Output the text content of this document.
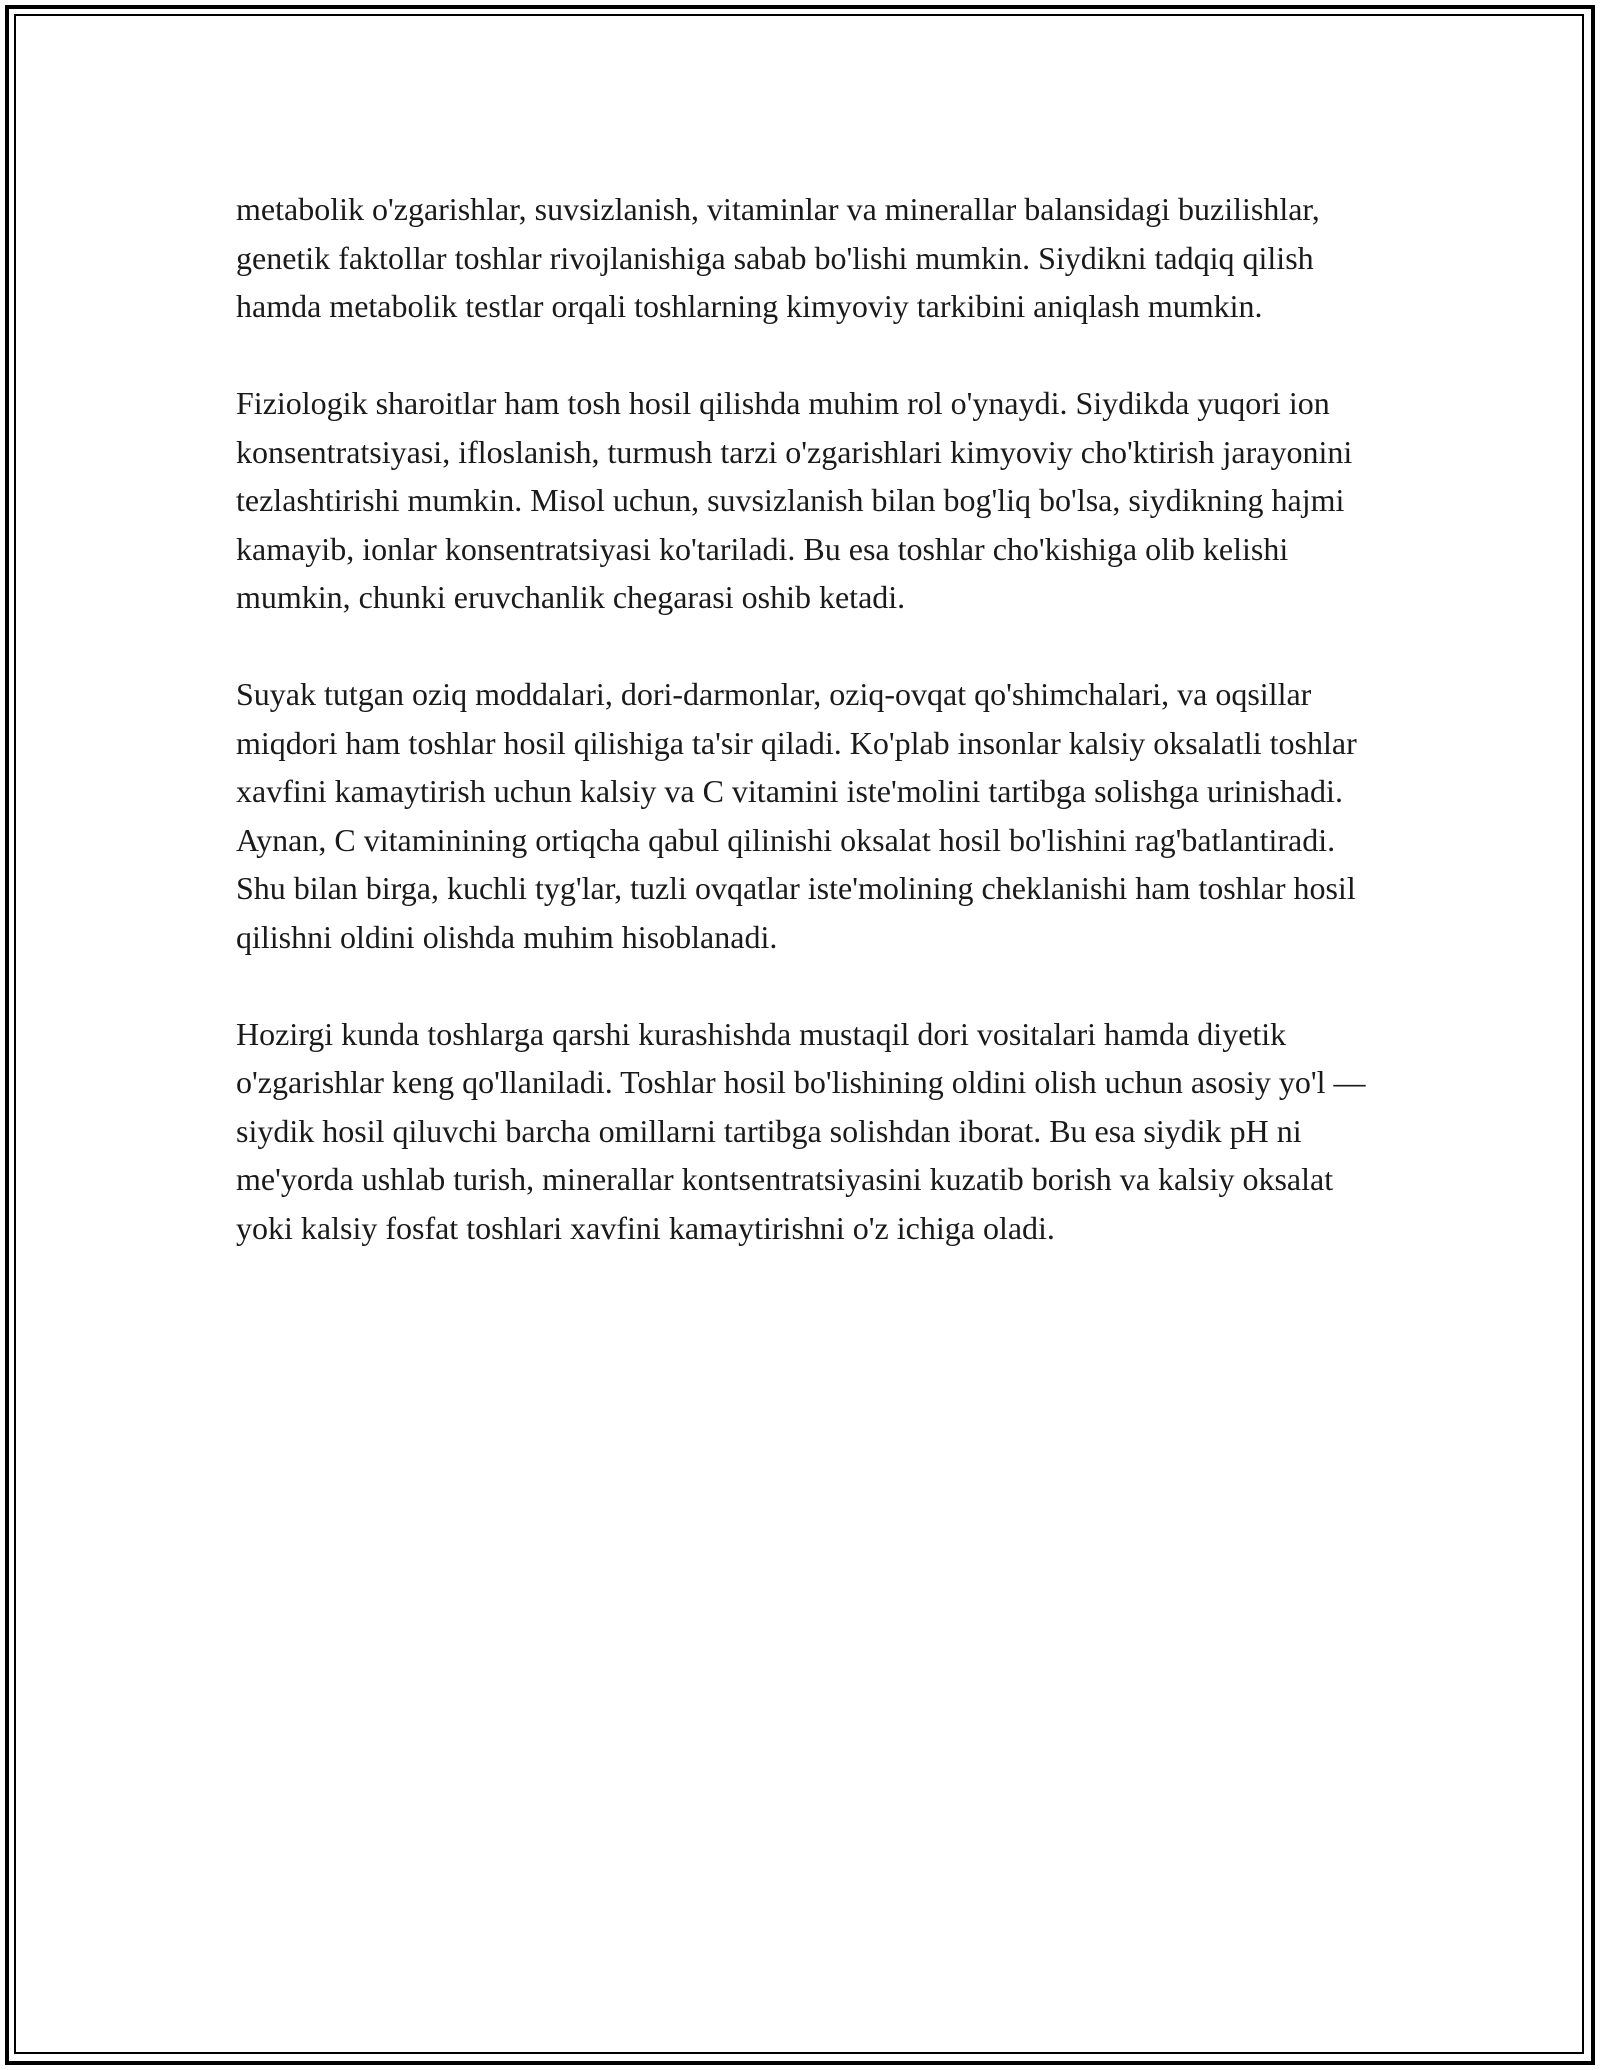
metabolik o'zgarishlar, suvsizlanish, vitaminlar va minerallar balansidagi buzilishlar, genetik faktollar toshlar rivojlanishiga sabab bo'lishi mumkin. Siydikni tadqiq qilish hamda metabolik testlar orqali toshlarning kimyoviy tarkibini aniqlash mumkin.

Fiziologik sharoitlar ham tosh hosil qilishda muhim rol o'ynaydi. Siydikda yuqori ion konsentratsiyasi, ifloslanish, turmush tarzi o'zgarishlari kimyoviy cho'ktirish jarayonini tezlashtirishi mumkin. Misol uchun, suvsizlanish bilan bog'liq bo'lsa, siydikning hajmi kamayib, ionlar konsentratsiyasi ko'tariladi. Bu esa toshlar cho'kishiga olib kelishi mumkin, chunki eruvchanlik chegarasi oshib ketadi.

Suyak tutgan oziq moddalari, dori-darmonlar, oziq-ovqat qo'shimchalari, va oqsillar miqdori ham toshlar hosil qilishiga ta'sir qiladi. Ko'plab insonlar kalsiy oksalatli toshlar xavfini kamaytirish uchun kalsiy va C vitamini iste'molini tartibga solishga urinishadi. Aynan, C vitaminining ortiqcha qabul qilinishi oksalat hosil bo'lishini rag'batlantiradi. Shu bilan birga, kuchli tyg'lar, tuzli ovqatlar iste'molining cheklanishi ham toshlar hosil qilishni oldini olishda muhim hisoblanadi.

Hozirgi kunda toshlarga qarshi kurashishda mustaqil dori vositalari hamda diyetik o'zgarishlar keng qo'llaniladi. Toshlar hosil bo'lishining oldini olish uchun asosiy yo'l — siydik hosil qiluvchi barcha omillarni tartibga solishdan iborat. Bu esa siydik pH ni me'yorda ushlab turish, minerallar kontsentratsiyasini kuzatib borish va kalsiy oksalat yoki kalsiy fosfat toshlari xavfini kamaytirishni o'z ichiga oladi.
